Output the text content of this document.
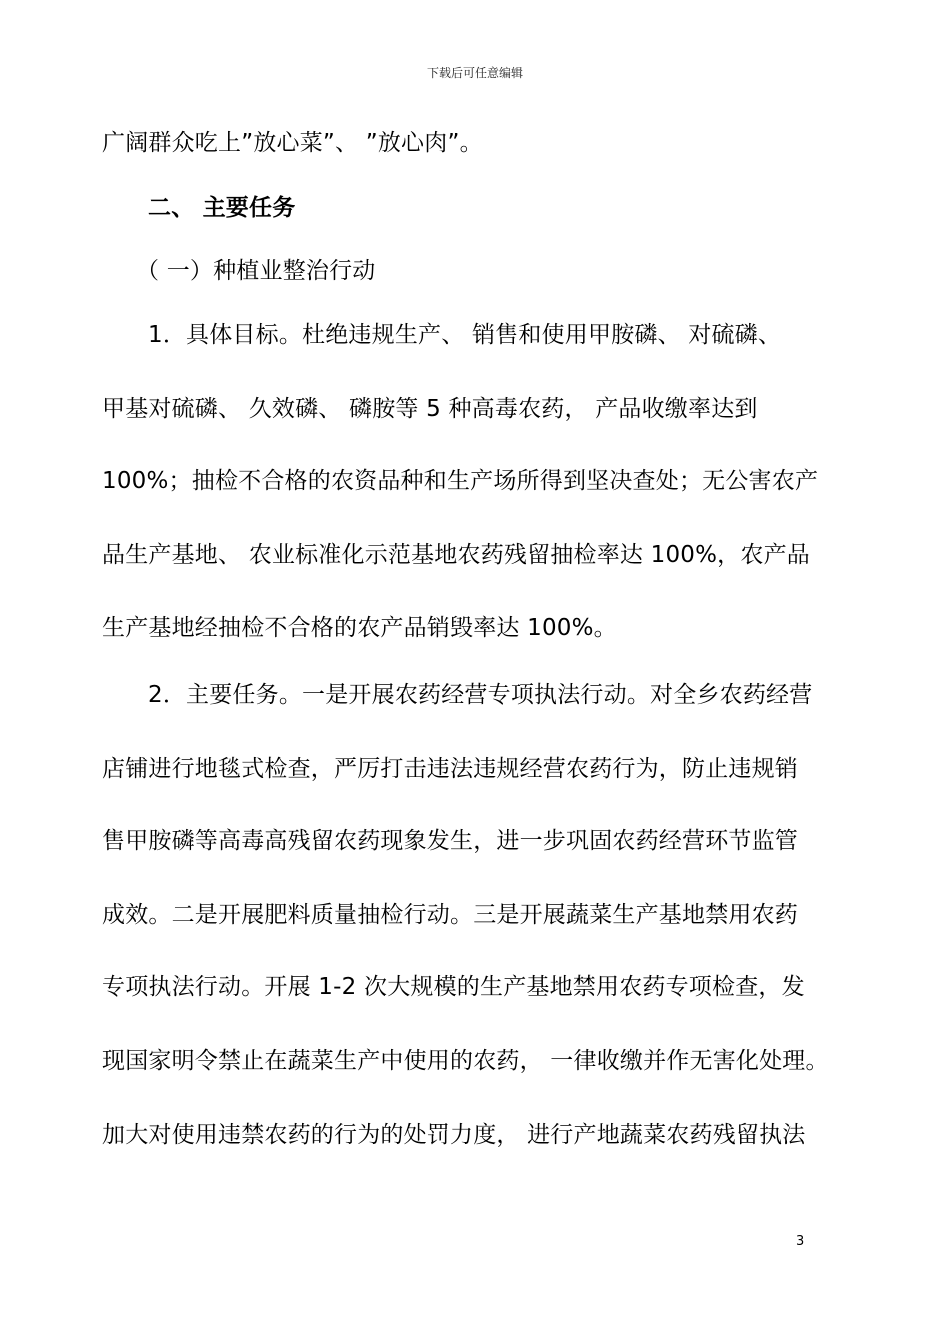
下载后可任意编辑
广阔群众吃上”放心菜”、 ”放心肉”。
二、 主要任务
（ 一）种植业整治行动
1．具体目标。杜绝违规生产、 销售和使用甲胺磷、 对硫磷、
甲基对硫磷、 久效磷、 磷胺等 5 种高毒农药， 产品收缴率达到
100%；抽检不合格的农资品种和生产场所得到坚决查处；无公害农产
品生产基地、 农业标准化示范基地农药残留抽检率达 100%，农产品
生产基地经抽检不合格的农产品销毁率达 100%。
2．主要任务。一是开展农药经营专项执法行动。对全乡农药经营
店铺进行地毯式检查，严厉打击违法违规经营农药行为，防止违规销
售甲胺磷等高毒高残留农药现象发生，进一步巩固农药经营环节监管
成效。二是开展肥料质量抽检行动。三是开展蔬菜生产基地禁用农药
专项执法行动。开展 1-2 次大规模的生产基地禁用农药专项检查，发
现国家明令禁止在蔬菜生产中使用的农药， 一律收缴并作无害化处理。
加大对使用违禁农药的行为的处罚力度， 进行产地蔬菜农药残留执法
3
